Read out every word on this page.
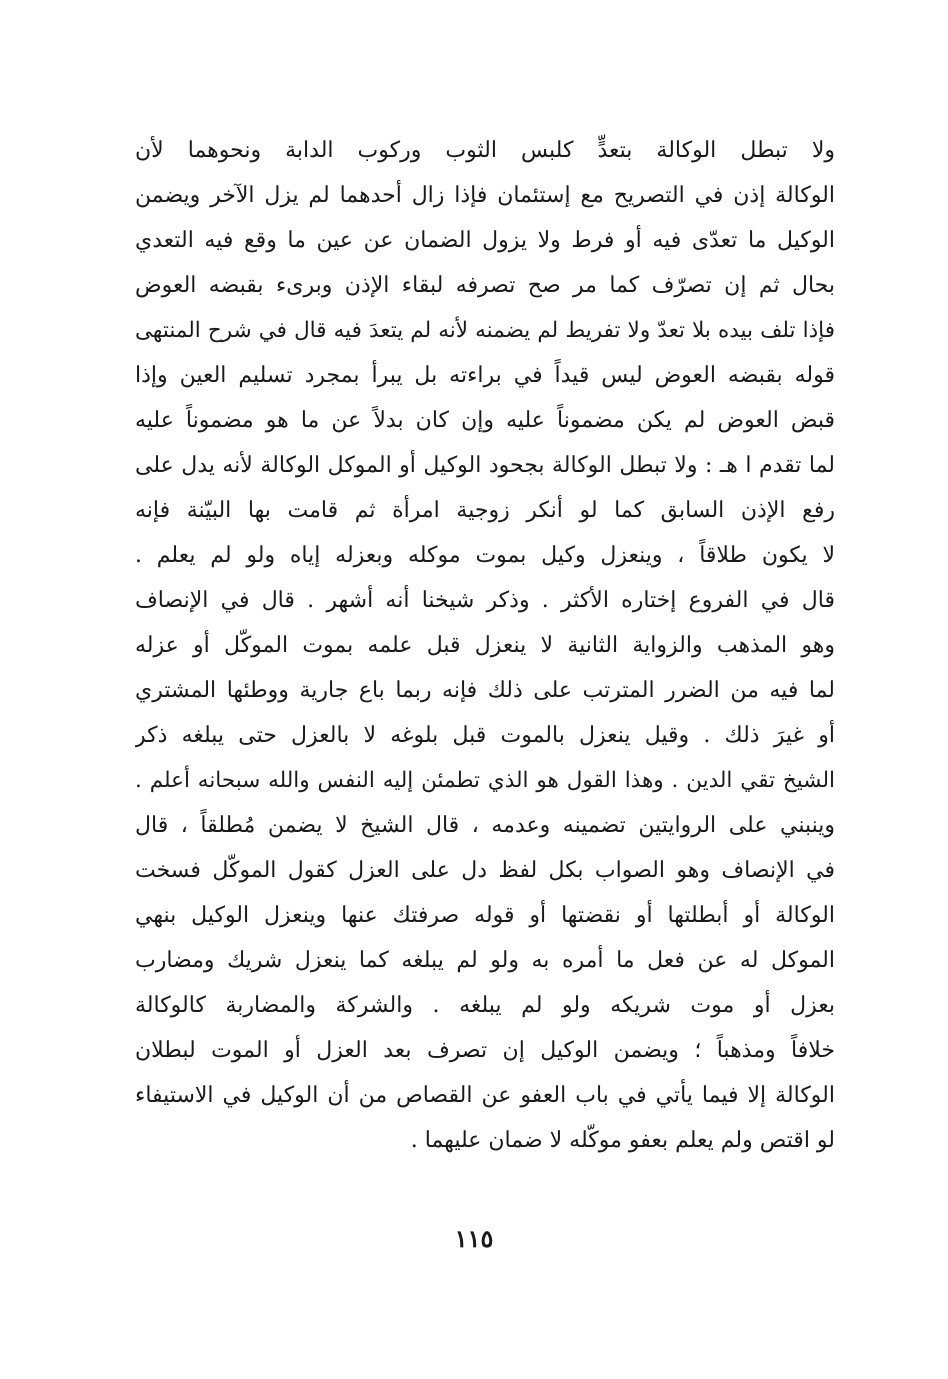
ولا تبطل الوكالة بتعدٍّ كلبس الثوب وركوب الدابة ونحوهما لأن
الوكالة إذن في التصريح مع إستئمان فإذا زال أحدهما لم يزل الآخر ويضمن
الوكيل ما تعدّى فيه أو فرط ولا يزول الضمان عن عين ما وقع فيه التعدي
بحال ثم إن تصرّف كما مر صح تصرفه لبقاء الإذن وبرىء بقبضه العوض
فإذا تلف بيده بلا تعدّ ولا تفريط لم يضمنه لأنه لم يتعدَ فيه قال في شرح المنتهى
قوله بقبضه العوض ليس قيداً في براءته بل يبرأ بمجرد تسليم العين وإذا
قبض العوض لم يكن مضموناً عليه وإن كان بدلاً عن ما هو مضموناً عليه
لما تقدم ا هـ : ولا تبطل الوكالة بجحود الوكيل أو الموكل الوكالة لأنه يدل على
رفع الإذن السابق كما لو أنكر زوجية امرأة ثم قامت بها البيّنة فإنه
لا يكون طلاقاً ، وينعزل وكيل بموت موكله وبعزله إياه ولو لم يعلم .
قال في الفروع إختاره الأكثر . وذكر شيخنا أنه أشهر . قال في الإنصاف
وهو المذهب والزواية الثانية لا ينعزل قبل علمه بموت الموكّل أو عزله
لما فيه من الضرر المترتب على ذلك فإنه ربما باع جارية ووطئها المشتري
أو غيرَ ذلك . وقيل ينعزل بالموت قبل بلوغه لا بالعزل حتى يبلغه ذكر
الشيخ تقي الدين . وهذا القول هو الذي تطمئن إليه النفس والله سبحانه أعلم .
وينبني على الروايتين تضمينه وعدمه ، قال الشيخ لا يضمن مُطلقاً ، قال
في الإنصاف وهو الصواب بكل لفظ دل على العزل كقول الموكّل فسخت
الوكالة أو أبطلتها أو نقضتها أو قوله صرفتك عنها وينعزل الوكيل بنهي
الموكل له عن فعل ما أمره به ولو لم يبلغه كما ينعزل شريك ومضارب
بعزل أو موت شريكه ولو لم يبلغه . والشركة والمضاربة كالوكالة
خلافاً ومذهباً ؛ ويضمن الوكيل إن تصرف بعد العزل أو الموت لبطلان
الوكالة إلا فيما يأتي في باب العفو عن القصاص من أن الوكيل في الاستيفاء
لو اقتص ولم يعلم بعفو موكّله لا ضمان عليهما .
١١٥
